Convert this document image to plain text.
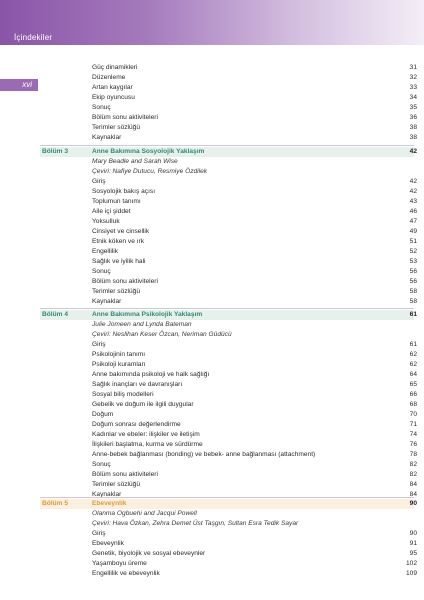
İçindekiler
xvi
Güç dinamikleri	31
Düzenleme	32
Artan kaygılar	33
Ekip oyuncusu	34
Sonuç	35
Bölüm sonu aktiviteleri	36
Terimler sözlüğü	38
Kaynaklar	38
Bölüm 3	Anne Bakımına Sosyolojik Yaklaşım	42
Mary Beadle and Sarah Wise
Çeviri: Nafiye Dutucu, Resmiye Özdilek
Giriş	42
Sosyolojik bakış açısı	42
Toplumun tanımı	43
Aile içi şiddet	46
Yoksulluk	47
Cinsiyet ve cinsellik	49
Etnik köken ve ırk	51
Engellilik	52
Sağlık ve iyilik hali	53
Sonuç	56
Bölüm sonu aktiviteleri	56
Terimler sözlüğü	58
Kaynaklar	58
Bölüm 4	Anne Bakımına Psikolojik Yaklaşım	61
Julie Jomeen and Lynda Bateman
Çeviri: Neslihan Keser Özcan, Neriman Güdücü
Giriş	61
Psikolojinin tanımı	62
Psikoloji kuramları	62
Anne bakımında psikoloji ve halk sağlığı	64
Sağlık inançları ve davranışları	65
Sosyal biliş modelleri	66
Gebelik ve doğum ile ilgili duygular	68
Doğum	70
Doğum sonrası değerlendirme	71
Kadınlar ve ebeler: ilişkiler ve iletişim	74
İlişkileri başlatma, kurma ve sürdürme	76
Anne-bebek bağlanması (bonding) ve bebek- anne bağlanması (attachment)	78
Sonuç	82
Bölüm sonu aktiviteleri	82
Terimler sözlüğü	84
Kaynaklar	84
Bölüm 5	Ebeveynlik	90
Olanma Ogbuehi and Jacqui Powell
Çeviri: Hava Özkan, Zehra Demet Üst Taşgın, Sultan Esra Tedik Sayar
Giriş	90
Ebeveynlik	91
Genetik, biyolojik ve sosyal ebeveynler	95
Yaşamboyu üreme	102
Engellilik ve ebeveynlik	109
